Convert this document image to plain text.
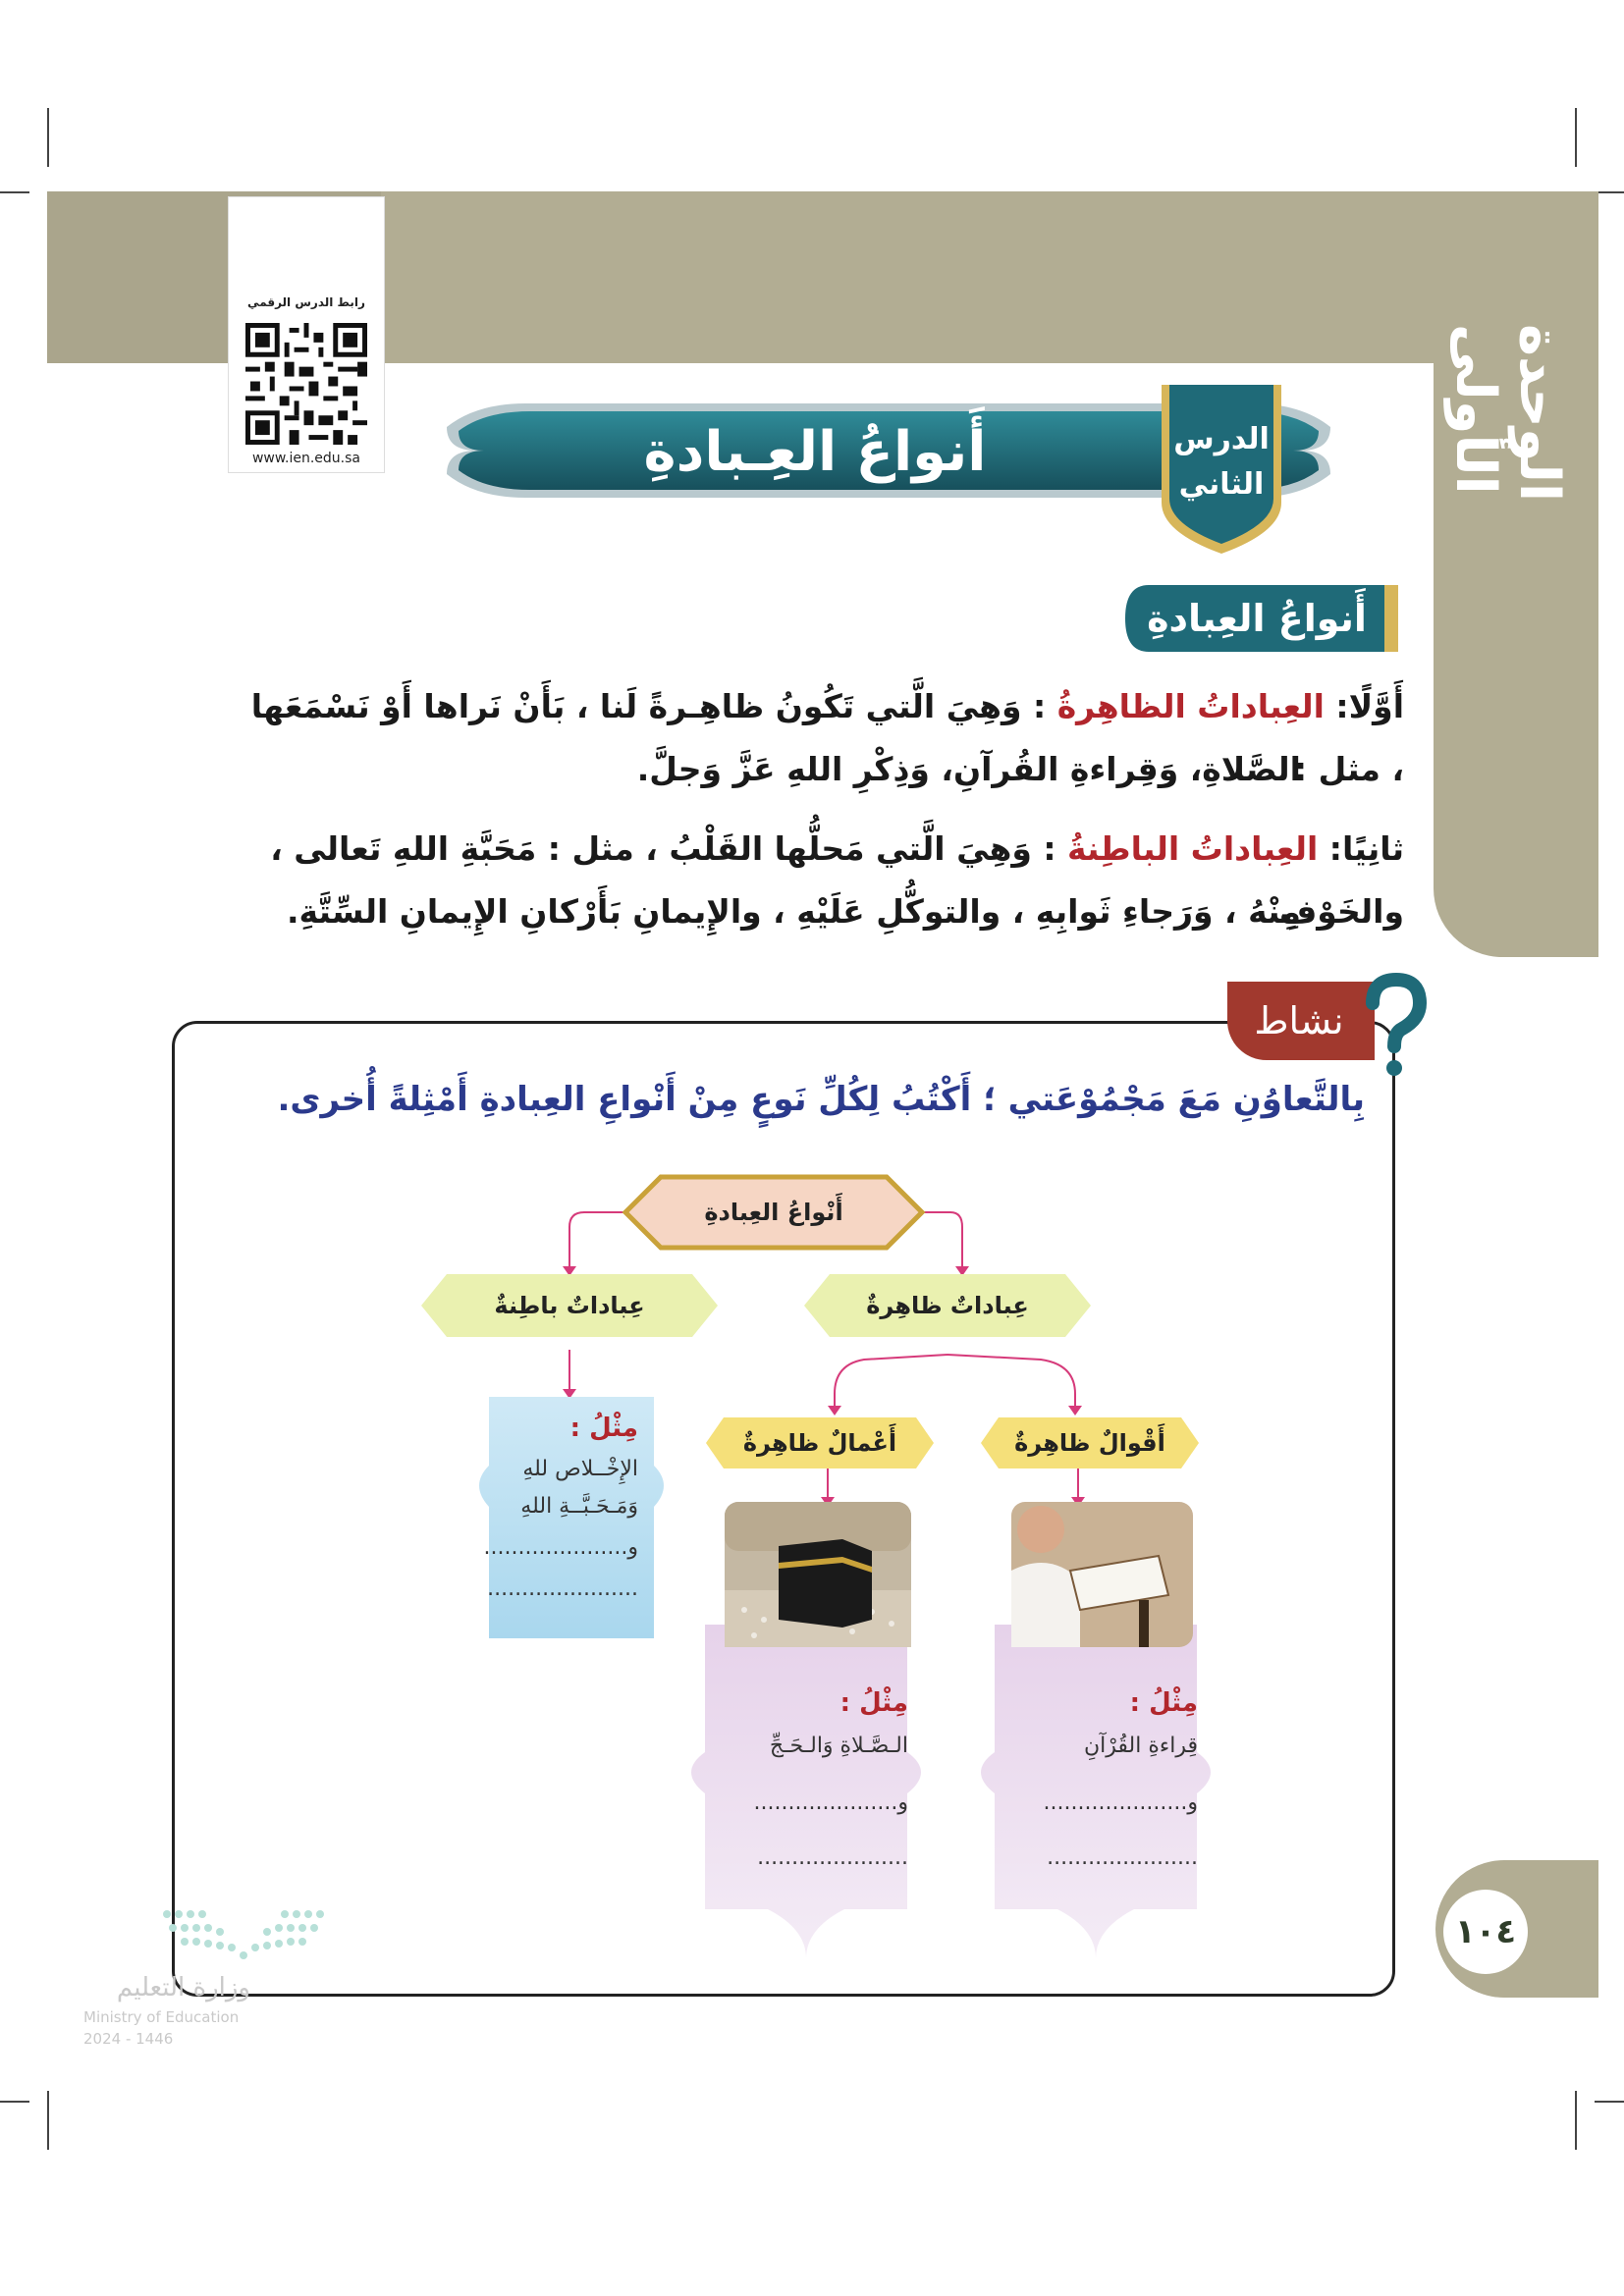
الوحدة الأولى
رابط الدرس الرقمي
www.ien.edu.sa	أَنواعُ العِـبادةِ	الدرس
الثاني
أَنواعُ العِبادةِ
أَوَّلًا: العِباداتُ الظاهِرةُ : وَهِيَ الَّتي تَكُونُ ظاهِـرةً لَنا ، بَأَنْ نَراها أَوْ نَسْمَعَها ، مثل :
الصَّلاةِ، وَقِراءةِ القُرآنِ، وَذِكْرِ اللهِ عَزَّ وَجلَّ.
ثانِيًا: العِباداتُ الباطِنةُ : وَهِيَ الَّتي مَحلُّها القَلْبُ ، مثل : مَحَبَّةِ اللهِ تَعالى ، والخَوْفِ
مِنْهُ ، وَرَجاءِ ثَوابِهِ ، والتوكُّلِ عَلَيْهِ ، والإِيمانِ بَأَرْكانِ الإِيمانِ السِّتَّةِ.
نشاط
بِالتَّعاوُنِ مَعَ مَجْمُوْعَتي ؛ أَكْتُبُ لِكُلِّ نَوعٍ مِنْ أَنْواعِ العِبادةِ أَمْثِلةً أُخرى.
أَنْواعُ العِبادةِ
عِباداتٌ ظاهِرةٌ
عِباداتٌ باطِنةٌ
أَقْوالٌ ظاهِرةٌ
أَعْمالٌ ظاهِرةٌ
مِثْلُ :
الإِخْــلاص للهِ
وَمَـحَـبَّــةِ اللهِ
و.....................
......................
مِثْلُ :
الـصَّـلاةِ وَالـحَـجِّ
و.....................
......................
مِثْلُ :
قِراءةِ القُرْآنِ
و.....................
......................
١٠٤
وزارة التعليم
Ministry of Education
2024 - 1446
